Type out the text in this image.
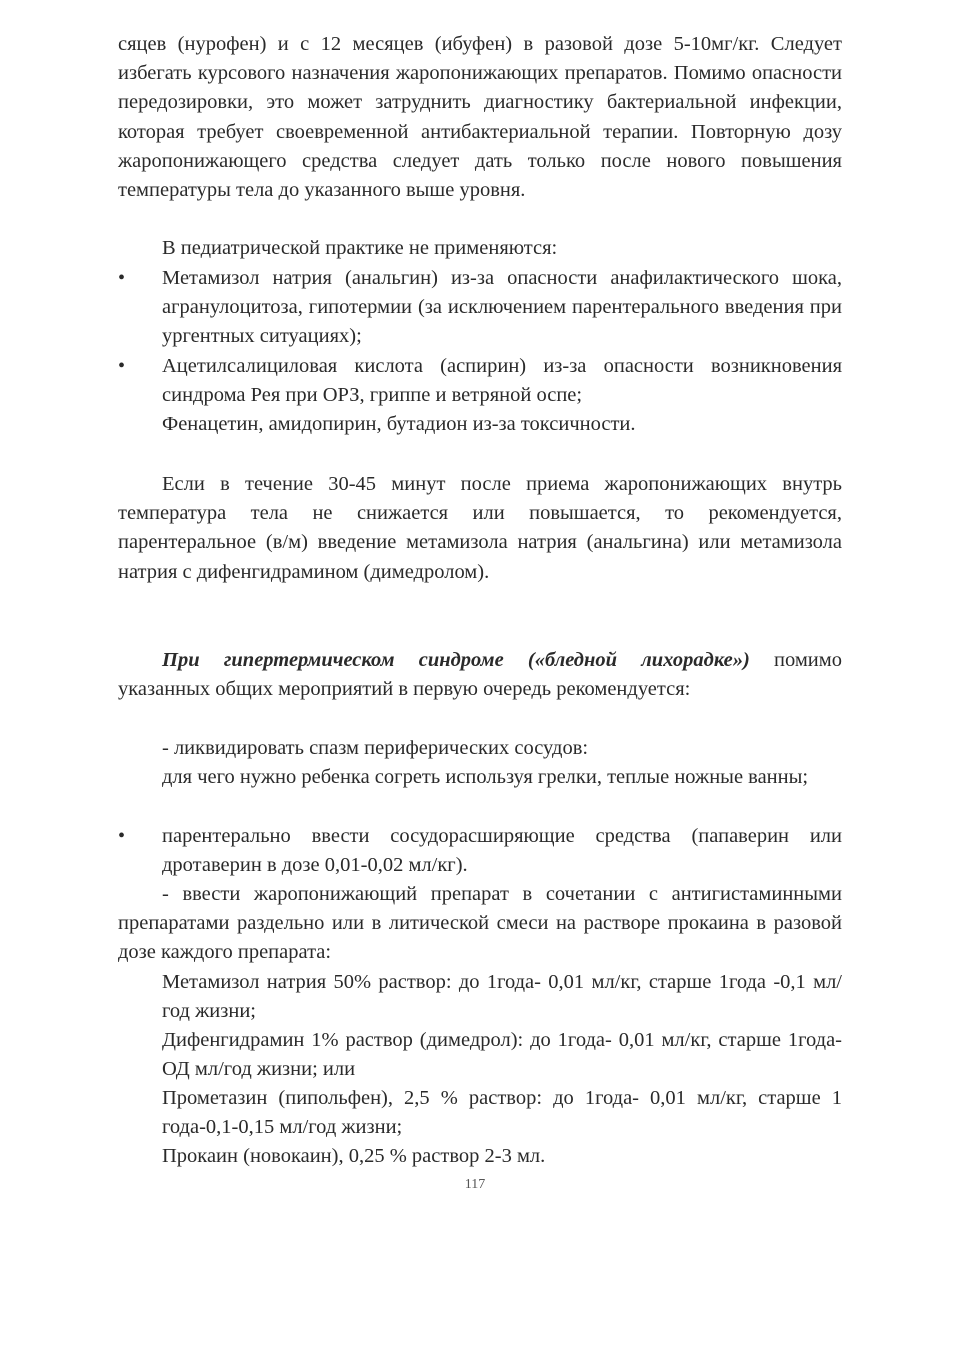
сяцев (нурофен) и с 12 месяцев (ибуфен) в разовой дозе 5-10мг/кг. Следует избегать курсового назначения жаропонижающих препаратов. Помимо опасности передозировки, это может затруднить диагностику бактериальной инфекции, которая требует своевременной антибактериальной терапии. Повторную дозу жаропонижающего средства следует дать только после нового повышения температуры тела до указанного выше уровня.

В педиатрической практике не применяются:

• Метамизол натрия (анальгин) из-за опасности анафилактического шока, агранулоцитоза, гипотермии (за исключением парентерального введения при ургентных ситуациях);

• Ацетилсалициловая кислота (аспирин) из-за опасности возникновения синдрома Рея при ОРЗ, гриппе и ветряной оспе;

Фенацетин, амидопирин, бутадион из-за токсичности.

Если в течение 30-45 минут после приема жаропонижающих внутрь температура тела не снижается или повышается, то рекомендуется, парентеральное (в/м) введение метамизола натрия (анальгина) или метамизола натрия с дифенгидрамином (димедролом).

При гипертермическом синдроме («бледной лихорадке») помимо указанных общих мероприятий в первую очередь рекомендуется:

- ликвидировать спазм периферических сосудов:

для чего нужно ребенка согреть используя грелки, теплые ножные ванны;

• парентерально ввести сосудорасширяющие средства (папаверин или дротаверин в дозе 0,01-0,02 мл/кг).

- ввести жаропонижающий препарат в сочетании с антигистаминными препаратами раздельно или в литической смеси на растворе прокаина в разовой дозе каждого препарата:

Метамизол натрия 50% раствор: до 1года- 0,01 мл/кг, старше 1года -0,1 мл/год жизни;

Дифенгидрамин 1% раствор (димедрол): до 1года- 0,01 мл/кг, старше 1года-ОД мл/год жизни; или

Прометазин (пипольфен), 2,5 % раствор: до 1года- 0,01 мл/кг, старше 1 года-0,1-0,15 мл/год жизни;

Прокаин (новокаин), 0,25 % раствор 2-3 мл.

117
